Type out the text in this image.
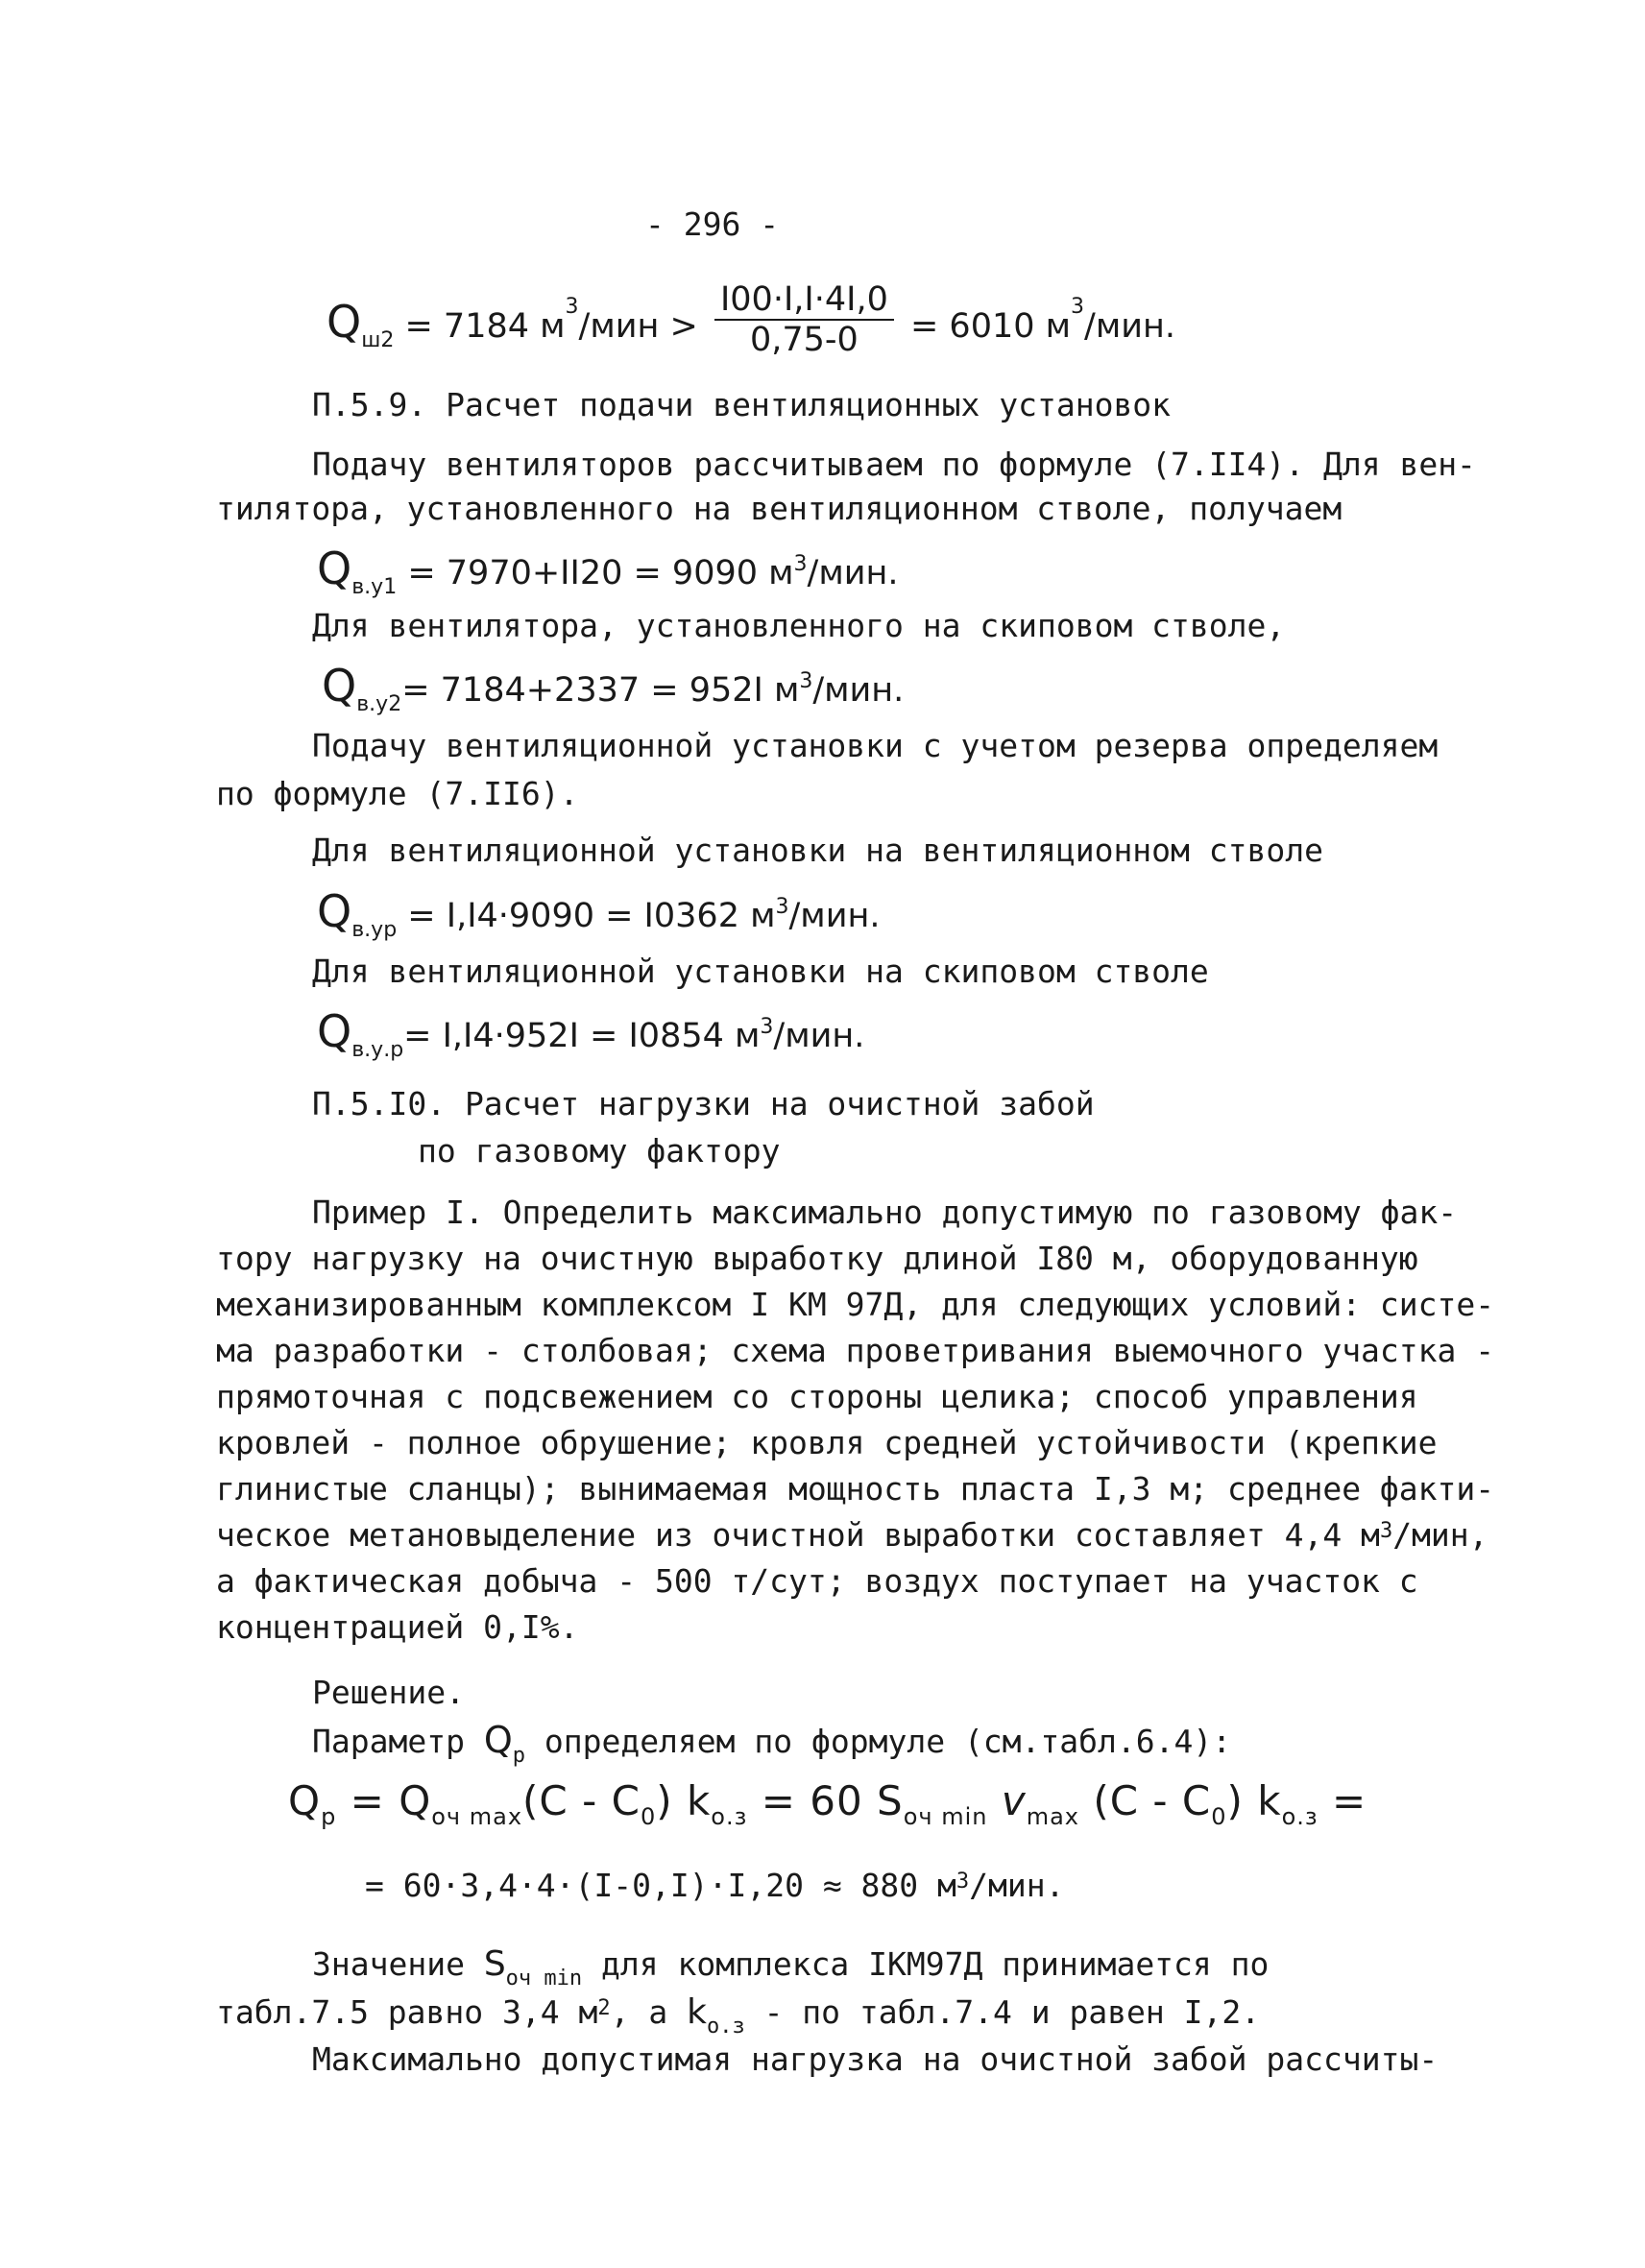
- 296 -
$Q_{ш2} = 7184$ $м^3$/мин > $\frac{I00\cdot I,I\cdot 4I,0}{0,75-0} = 6010$ $м^3$/мин.
П.5.9. Расчет подачи вентиляционных установок
Подачу вентиляторов рассчитываем по формуле (7.II4). Для вен-
тилятора, установленного на вентиляционном стволе, получаем
$Q_{в.у1} = 7970+II20 = 9090$ $м^3$/мин.
Для вентилятора, установленного на скиповом стволе,
$Q_{в.у2}= 7184+2337 = 952I$ $м^3$/мин.
Подачу вентиляционной установки с учетом резерва определяем
по формуле (7.II6).
Для вентиляционной установки на вентиляционном стволе
$Q_{в.ур} = I,I4\cdot 9090 = I0362$ $м^3$/мин.
Для вентиляционной установки на скиповом стволе
$Q_{в.у.р}= I,I4\cdot 952I = I0854$ $м^3$/мин.
П.5.I0. Расчет нагрузки на очистной забой
по газовому фактору
Пример I. Определить максимально допустимую по газовому фак-
тору нагрузку на очистную выработку длиной I80 м, оборудованную
механизированным комплексом I КМ 97Д, для следующих условий: систе-
ма разработки - столбовая; схема проветривания выемочного участка -
прямоточная с подсвежением со стороны целика; способ управления
кровлей - полное обрушение; кровля средней устойчивости (крепкие
глинистые сланцы); вынимаемая мощность пласта I,3 м; среднее факти-
ческое метановыделение из очистной выработки составляет 4,4 $м^3$/мин,
а фактическая добыча - 500 т/сут; воздух поступает на участок с
концентрацией 0,I%.
Решение.
Параметр $Q_р$ определяем по формуле (см.табл.6.4):
$Q_р = Q_{оч max}(C - C_0) k_{о.з} = 60$ $S_{оч min}$ $v_{max}$ $(C - C_0)$ $k_{о.з}$ =
= 60·3,4·4·(I-0,I)·I,20 ≈ 880 $м^3$/мин.
Значение $S_{оч min}$ для комплекса IКМ97Д принимается по
табл.7.5 равно 3,4 $м^2$, а $k_{о.з}$ - по табл.7.4 и равен I,2.
Максимально допустимая нагрузка на очистной забой рассчиты-
